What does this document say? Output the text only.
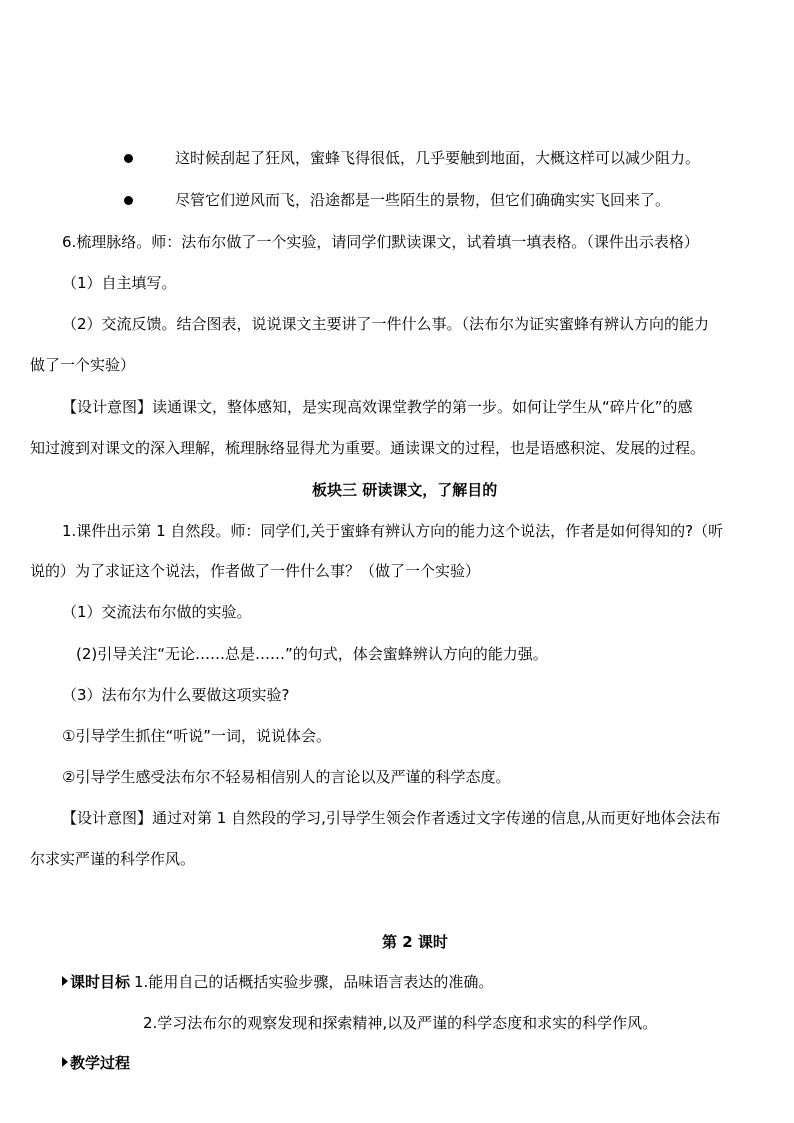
这时候刮起了狂风，蜜蜂飞得很低，几乎要触到地面，大概这样可以减少阻力。
尽管它们逆风而飞，沿途都是一些陌生的景物，但它们确确实实飞回来了。
6.梳理脉络。师：法布尔做了一个实验，请同学们默读课文，试着填一填表格。（课件出示表格）
（1）自主填写。
（2）交流反馈。结合图表，说说课文主要讲了一件什么事。（法布尔为证实蜜蜂有辨认方向的能力
做了一个实验）
【设计意图】读通课文，整体感知，是实现高效课堂教学的第一步。如何让学生从“碎片化”的感
知过渡到对课文的深入理解，梳理脉络显得尤为重要。通读课文的过程，也是语感积淀、发展的过程。
板块三 研读课文，了解目的
1.课件出示第 1 自然段。师：同学们,关于蜜蜂有辨认方向的能力这个说法，作者是如何得知的?（听
说的）为了求证这个说法，作者做了一件什么事？（做了一个实验）
（1）交流法布尔做的实验。
(2)引导关注“无论……总是……”的句式，体会蜜蜂辨认方向的能力强。
（3）法布尔为什么要做这项实验?
①引导学生抓住“听说”一词，说说体会。
②引导学生感受法布尔不轻易相信别人的言论以及严谨的科学态度。
【设计意图】通过对第 1 自然段的学习,引导学生领会作者透过文字传递的信息,从而更好地体会法布
尔求实严谨的科学作风。
第 2 课时
课时目标 1.能用自己的话概括实验步骤，品味语言表达的准确。
2.学习法布尔的观察发现和探索精神,以及严谨的科学态度和求实的科学作风。
教学过程
